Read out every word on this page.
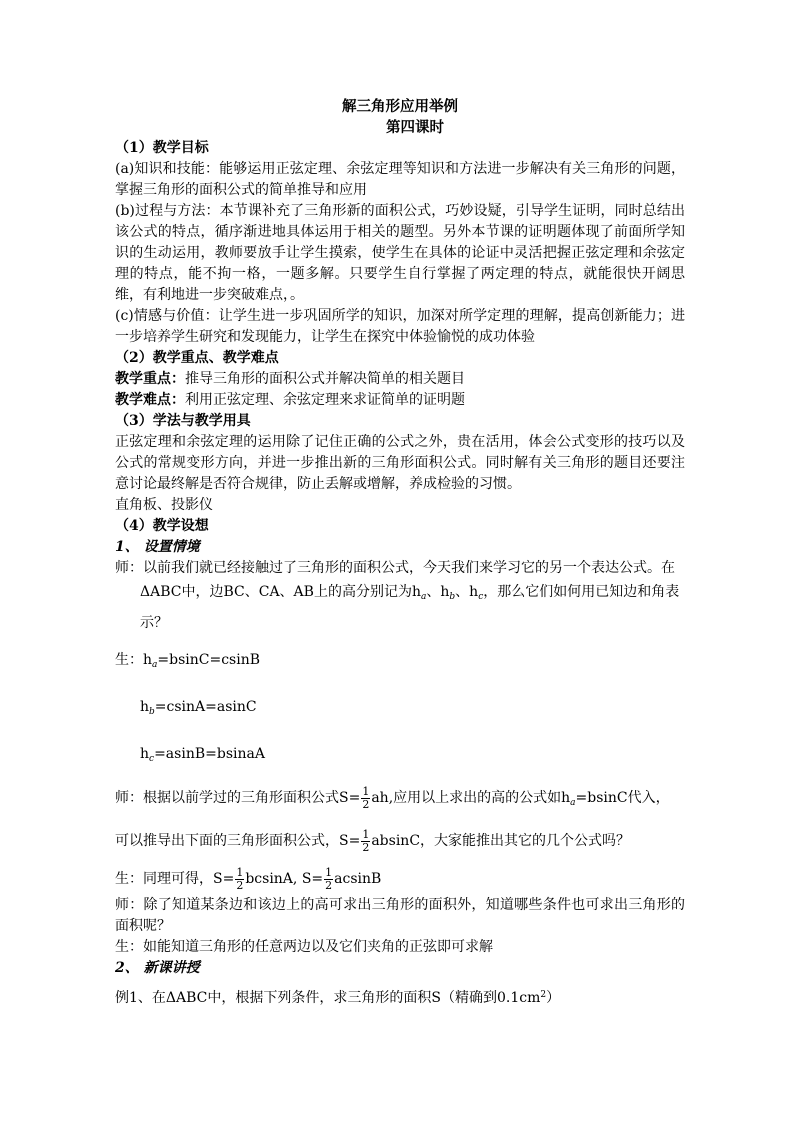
解三角形应用举例

第四课时

（1）教学目标

(a)知识和技能：能够运用正弦定理、余弦定理等知识和方法进一步解决有关三角形的问题，掌握三角形的面积公式的简单推导和应用

(b)过程与方法：本节课补充了三角形新的面积公式，巧妙设疑，引导学生证明，同时总结出该公式的特点，循序渐进地具体运用于相关的题型。另外本节课的证明题体现了前面所学知识的生动运用，教师要放手让学生摸索，使学生在具体的论证中灵活把握正弦定理和余弦定理的特点，能不拘一格，一题多解。只要学生自行掌握了两定理的特点，就能很快开阔思维，有利地进一步突破难点，。

(c)情感与价值：让学生进一步巩固所学的知识，加深对所学定理的理解，提高创新能力；进一步培养学生研究和发现能力，让学生在探究中体验愉悦的成功体验

（2）教学重点、教学难点

教学重点：推导三角形的面积公式并解决简单的相关题目

教学难点：利用正弦定理、余弦定理来求证简单的证明题

（3）学法与教学用具

正弦定理和余弦定理的运用除了记住正确的公式之外，贵在活用，体会公式变形的技巧以及公式的常规变形方向，并进一步推出新的三角形面积公式。同时解有关三角形的题目还要注意讨论最终解是否符合规律，防止丢解或增解，养成检验的习惯。

直角板、投影仪

（4）教学设想

1、 设置情境

师：以前我们就已经接触过了三角形的面积公式，今天我们来学习它的另一个表达公式。在

ΔABC中，边BC、CA、AB上的高分别记为$h_a$、$h_b$、$h_c$，那么它们如何用已知边和角表示？

生：$h_a=bsinC=csinB$

$h_b=csinA=asinC$

$h_c=asinB=bsinaA$

师：根据以前学过的三角形面积公式$S= \frac{1}{2}$ ah,应用以上求出的高的公式如$h_a=bsinC$代入，

可以推导出下面的三角形面积公式，$S= \frac{1}{2}$ absinC，大家能推出其它的几个公式吗？

生：同理可得，$S= \frac{1}{2} bcsinA$, $S= \frac{1}{2}$ acsinB

师：除了知道某条边和该边上的高可求出三角形的面积外，知道哪些条件也可求出三角形的面积呢？

生：如能知道三角形的任意两边以及它们夹角的正弦即可求解

2、 新课讲授

例1、在ΔABC中，根据下列条件，求三角形的面积S（精确到$0.1cm^2$）
